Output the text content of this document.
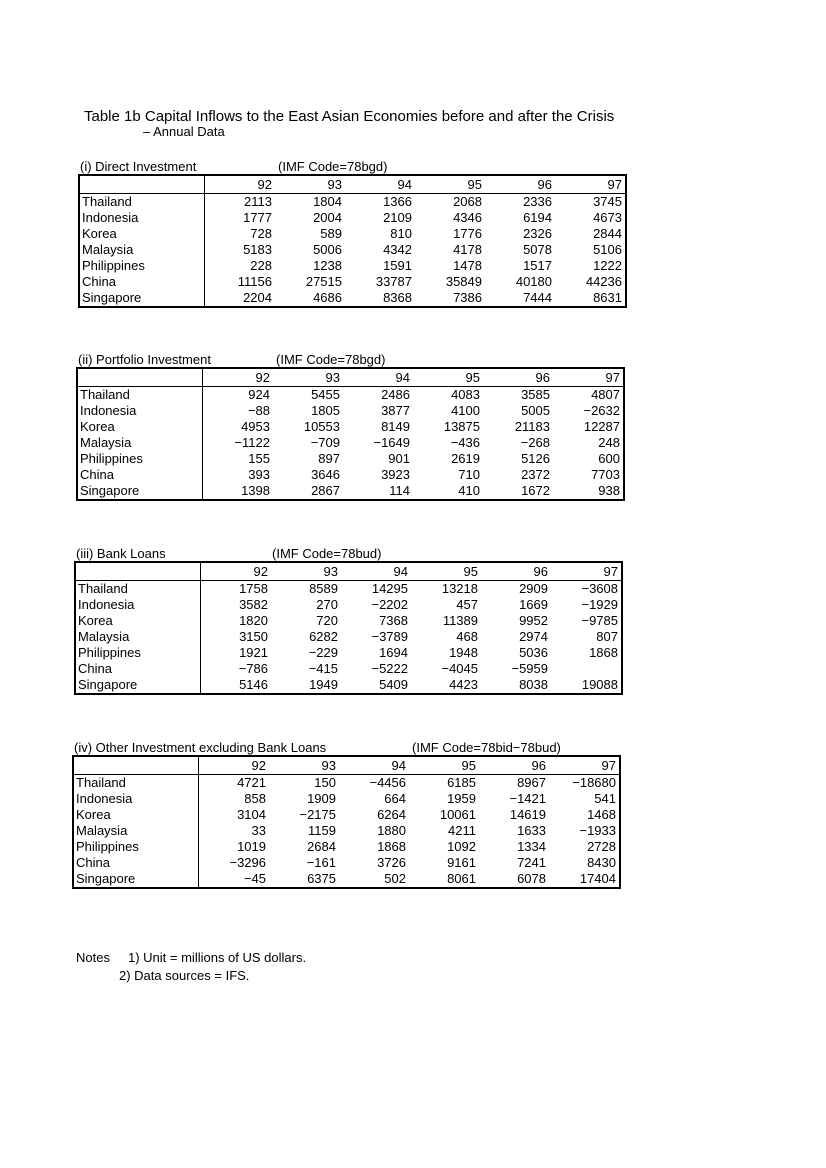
Table 1b Capital Inflows to the East Asian Economies before and after the Crisis
– Annual Data
(i) Direct Investment	(IMF Code=78bgd)
	92	93	94	95	96	97
Thailand	2113	1804	1366	2068	2336	3745
Indonesia	1777	2004	2109	4346	6194	4673
Korea	728	589	810	1776	2326	2844
Malaysia	5183	5006	4342	4178	5078	5106
Philippines	228	1238	1591	1478	1517	1222
China	11156	27515	33787	35849	40180	44236
Singapore	2204	4686	8368	7386	7444	8631
(ii) Portfolio Investment	(IMF Code=78bgd)
	92	93	94	95	96	97
Thailand	924	5455	2486	4083	3585	4807
Indonesia	−88	1805	3877	4100	5005	−2632
Korea	4953	10553	8149	13875	21183	12287
Malaysia	−1122	−709	−1649	−436	−268	248
Philippines	155	897	901	2619	5126	600
China	393	3646	3923	710	2372	7703
Singapore	1398	2867	114	410	1672	938
(iii) Bank Loans	(IMF Code=78bud)
	92	93	94	95	96	97
Thailand	1758	8589	14295	13218	2909	−3608
Indonesia	3582	270	−2202	457	1669	−1929
Korea	1820	720	7368	11389	9952	−9785
Malaysia	3150	6282	−3789	468	2974	807
Philippines	1921	−229	1694	1948	5036	1868
China	−786	−415	−5222	−4045	−5959	
Singapore	5146	1949	5409	4423	8038	19088
(iv) Other Investment excluding Bank Loans	(IMF Code=78bid−78bud)
	92	93	94	95	96	97
Thailand	4721	150	−4456	6185	8967	−18680
Indonesia	858	1909	664	1959	−1421	541
Korea	3104	−2175	6264	10061	14619	1468
Malaysia	33	1159	1880	4211	1633	−1933
Philippines	1019	2684	1868	1092	1334	2728
China	−3296	−161	3726	9161	7241	8430
Singapore	−45	6375	502	8061	6078	17404
Notes 1) Unit = millions of US dollars.
2) Data sources = IFS.
